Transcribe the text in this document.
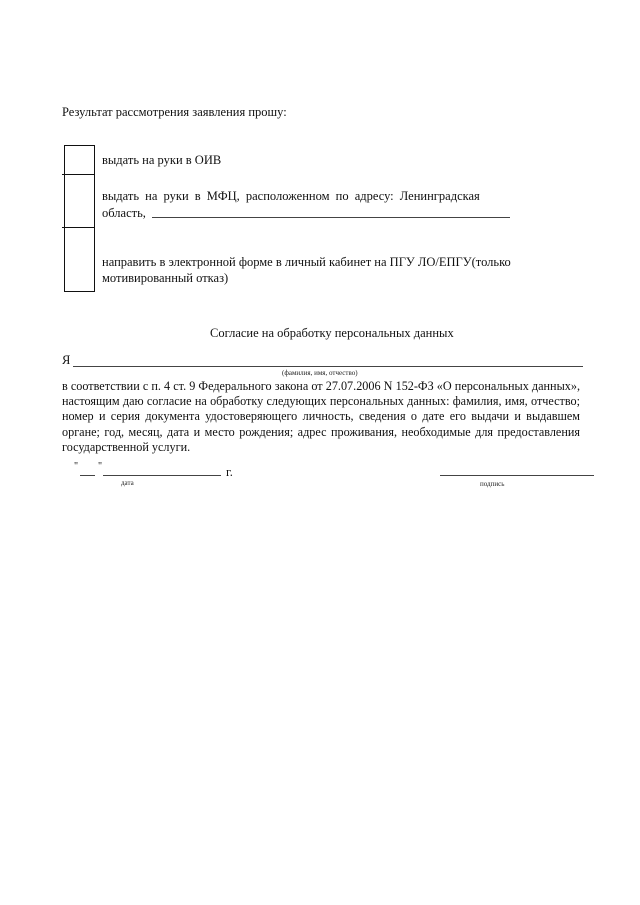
Результат рассмотрения заявления прошу:
выдать на руки в ОИВ
выдать на руки в МФЦ, расположенном по адресу: Ленинградская
область,
направить в электронной форме в личный кабинет на ПГУ ЛО/ЕПГУ(только
мотивированный отказ)
Согласие на обработку персональных данных
Я
(фамилия, имя, отчество)
в соответствии с п. 4 ст. 9 Федерального закона от 27.07.2006 N 152-ФЗ «О персональных данных», настоящим даю согласие на обработку следующих персональных данных: фамилия, имя, отчество; номер и серия документа удостоверяющего личность, сведения о дате его выдачи и выдавшем органе; год, месяц, дата и место рождения; адрес проживания, необходимые для предоставления государственной услуги.
" "	г.
дата	подпись
